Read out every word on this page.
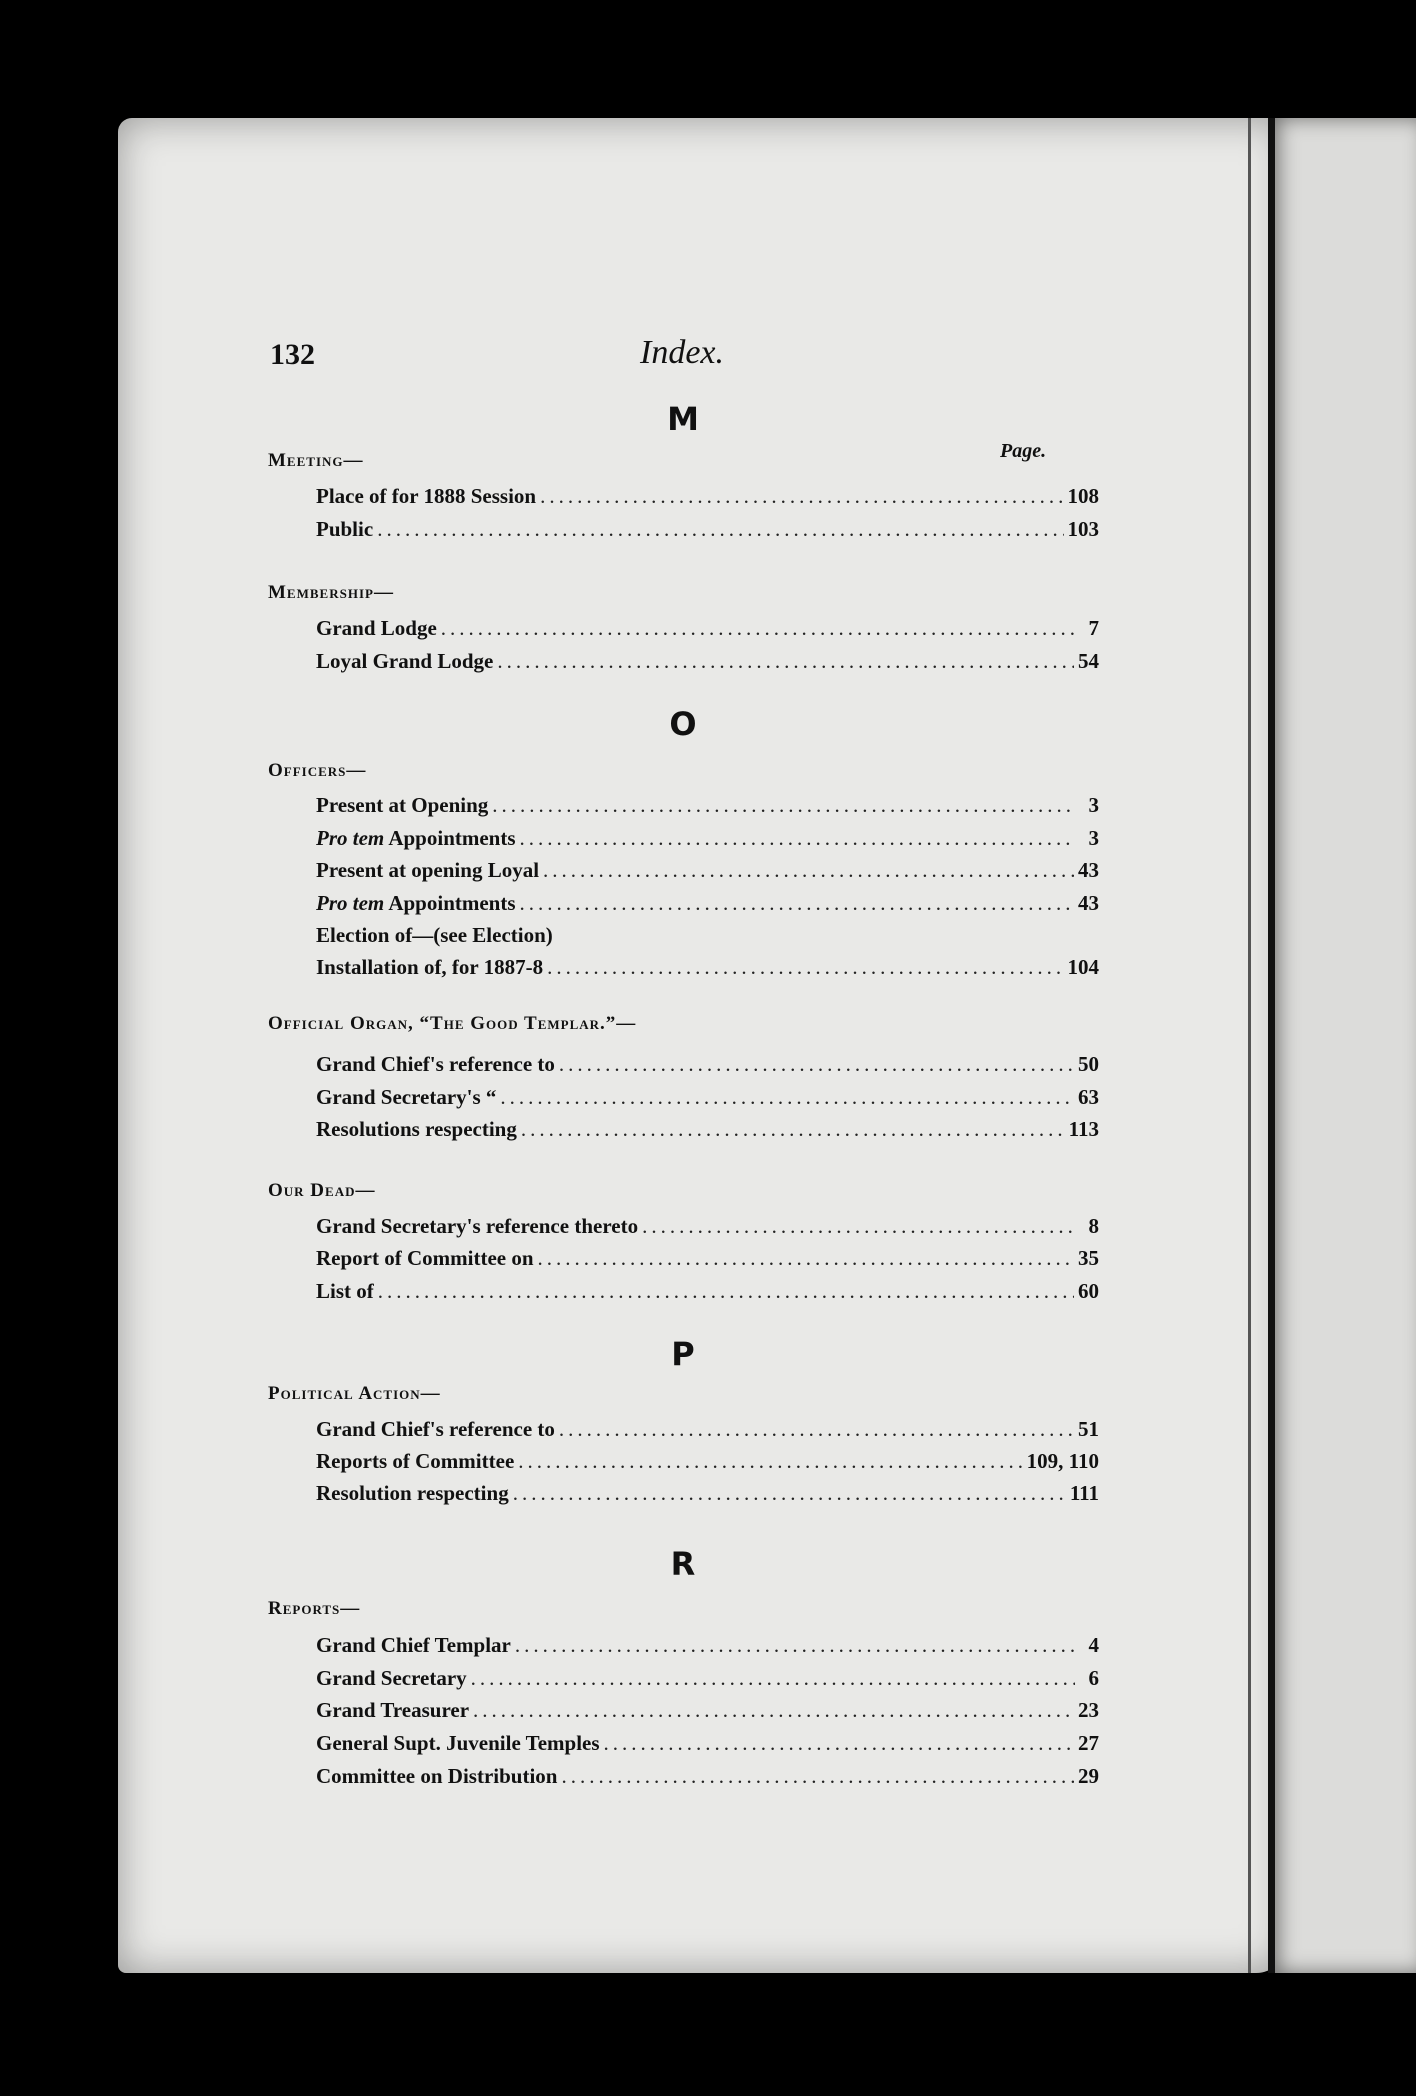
132	Index.
Page.
M
Meeting—
Place of for 1888 Session .....	108
Public .....	103
Membership—
Grand Lodge .....	7
Loyal Grand Lodge .....	54
O
Officers—
Present at Opening .....	3
Pro tem Appointments .....	3
Present at opening Loyal .....	43
Pro tem Appointments .....	43
Election of—(see Election)
Installation of, for 1887-8 .....	104
Official Organ, “The Good Templar.”—
Grand Chief's reference to .....	50
Grand Secretary's “ .....	63
Resolutions respecting .....	113
Our Dead—
Grand Secretary's reference thereto .....	8
Report of Committee on .....	35
List of .....	60
P
Political Action—
Grand Chief's reference to .....	51
Reports of Committee .....	109, 110
Resolution respecting .....	111
R
Reports—
Grand Chief Templar .....	4
Grand Secretary .....	6
Grand Treasurer .....	23
General Supt. Juvenile Temples .....	27
Committee on Distribution .....	29
